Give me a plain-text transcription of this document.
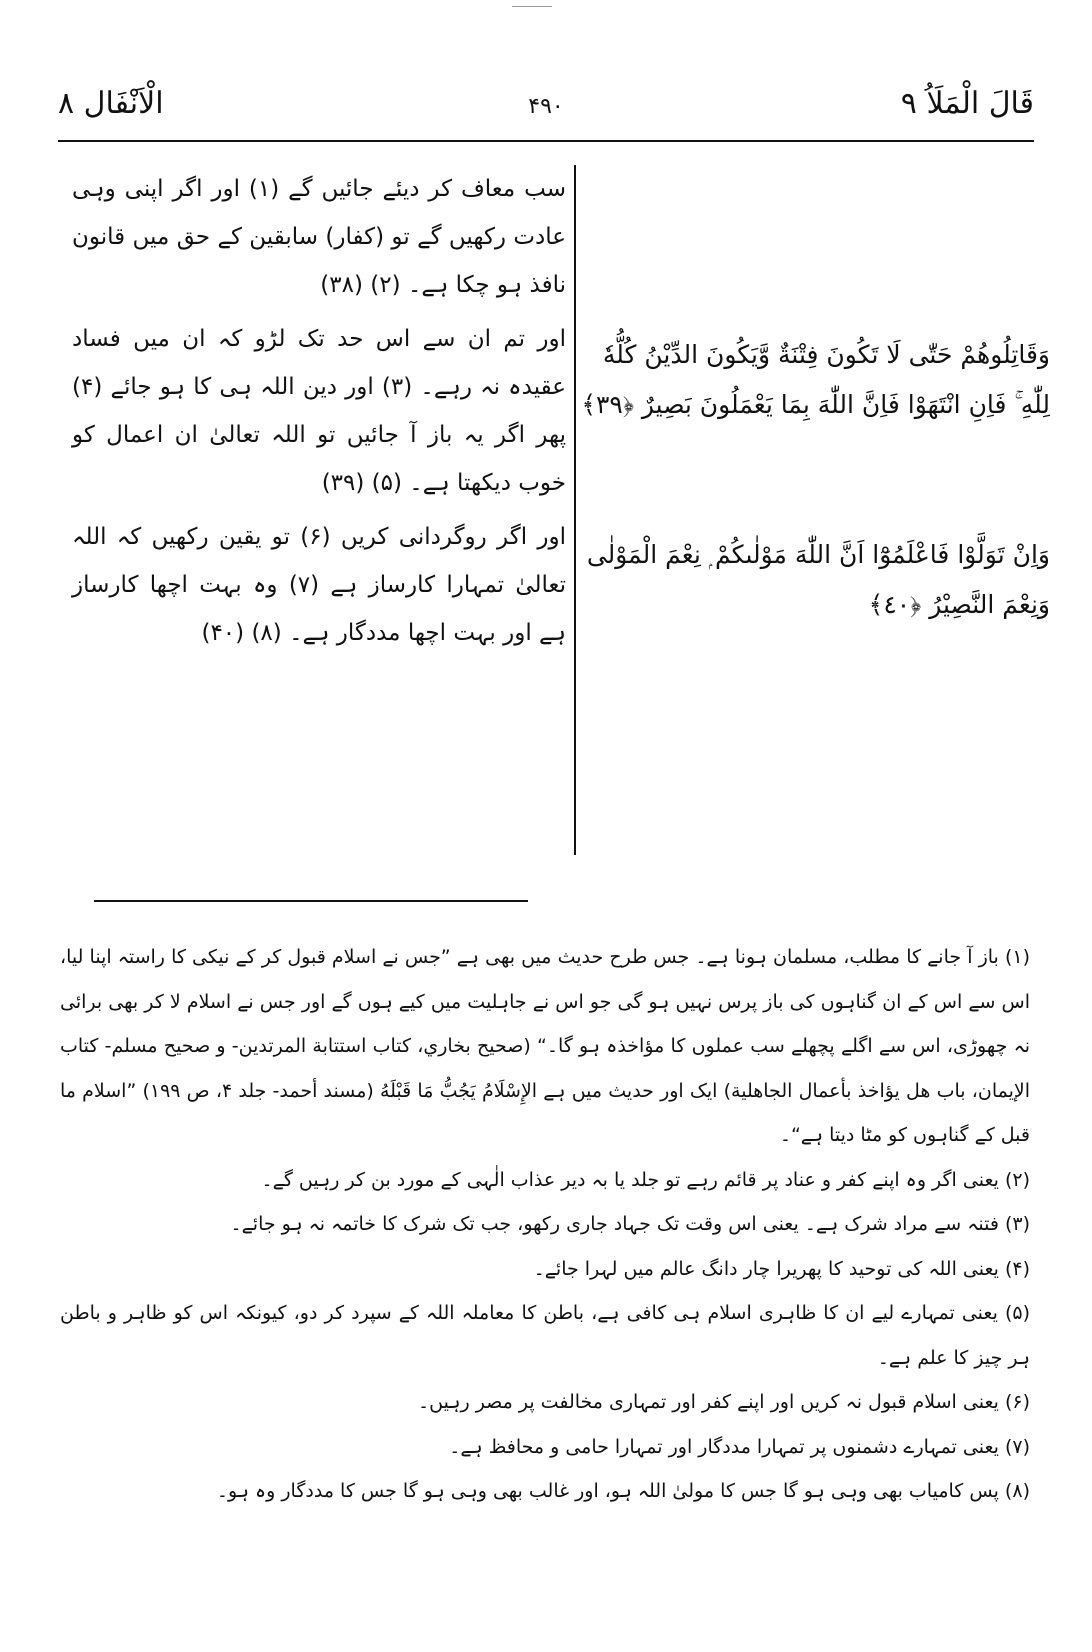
قَالَ الْمَلَاُ ۹
۴۹۰
الْاَنْفَال ۸

وَقَاتِلُوهُمْ حَتّٰى لَا تَكُونَ فِتْنَةٌ وَّيَكُونَ الدِّيْنُ كُلُّهٗ لِلّٰهِ ۚ فَاِنِ انْتَهَوْا فَاِنَّ اللّٰهَ بِمَا يَعْمَلُونَ بَصِيرٌ ﴿٣٩﴾

وَاِنْ تَوَلَّوْا فَاعْلَمُوْٓا اَنَّ اللّٰهَ مَوْلٰىكُمْ ۭ نِعْمَ الْمَوْلٰى وَنِعْمَ النَّصِيْرُ ﴿٤٠﴾

سب معاف کر دیئے جائیں گے (۱) اور اگر اپنی وہی عادت رکھیں گے تو (کفار) سابقین کے حق میں قانون نافذ ہو چکا ہے۔ (۲) (۳۸)

اور تم ان سے اس حد تک لڑو کہ ان میں فساد عقیدہ نہ رہے۔ (۳) اور دین اللہ ہی کا ہو جائے (۴) پھر اگر یہ باز آ جائیں تو اللہ تعالیٰ ان اعمال کو خوب دیکھتا ہے۔ (۵) (۳۹)

اور اگر روگردانی کریں (۶) تو یقین رکھیں کہ اللہ تعالیٰ تمہارا کارساز ہے (۷) وہ بہت اچھا کارساز ہے اور بہت اچھا مددگار ہے۔ (۸) (۴۰)

(۱) باز آ جانے کا مطلب، مسلمان ہونا ہے۔ جس طرح حدیث میں بھی ہے ”جس نے اسلام قبول کر کے نیکی کا راستہ اپنا لیا، اس سے اس کے ان گناہوں کی باز پرس نہیں ہو گی جو اس نے جاہلیت میں کیے ہوں گے اور جس نے اسلام لا کر بھی برائی نہ چھوڑی، اس سے اگلے پچھلے سب عملوں کا مؤاخذہ ہو گا۔“ (صحيح بخاري، كتاب استتابة المرتدين- و صحيح مسلم- كتاب الإيمان، باب هل يؤاخذ بأعمال الجاهلية) ایک اور حدیث میں ہے الإِسْلَامُ يَجُبُّ مَا قَبْلَهُ (مسند أحمد- جلد ۴، ص ۱۹۹) ”اسلام ما قبل کے گناہوں کو مٹا دیتا ہے“۔

(۲) یعنی اگر وہ اپنے کفر و عناد پر قائم رہے تو جلد یا بہ دیر عذاب الٰہی کے مورد بن کر رہیں گے۔

(۳) فتنہ سے مراد شرک ہے۔ یعنی اس وقت تک جہاد جاری رکھو، جب تک شرک کا خاتمہ نہ ہو جائے۔

(۴) یعنی اللہ کی توحید کا پھریرا چار دانگ عالم میں لہرا جائے۔

(۵) یعنی تمہارے لیے ان کا ظاہری اسلام ہی کافی ہے، باطن کا معاملہ اللہ کے سپرد کر دو، کیونکہ اس کو ظاہر و باطن ہر چیز کا علم ہے۔

(۶) یعنی اسلام قبول نہ کریں اور اپنے کفر اور تمہاری مخالفت پر مصر رہیں۔

(۷) یعنی تمہارے دشمنوں پر تمہارا مددگار اور تمہارا حامی و محافظ ہے۔

(۸) پس کامیاب بھی وہی ہو گا جس کا مولیٰ اللہ ہو، اور غالب بھی وہی ہو گا جس کا مددگار وہ ہو۔
